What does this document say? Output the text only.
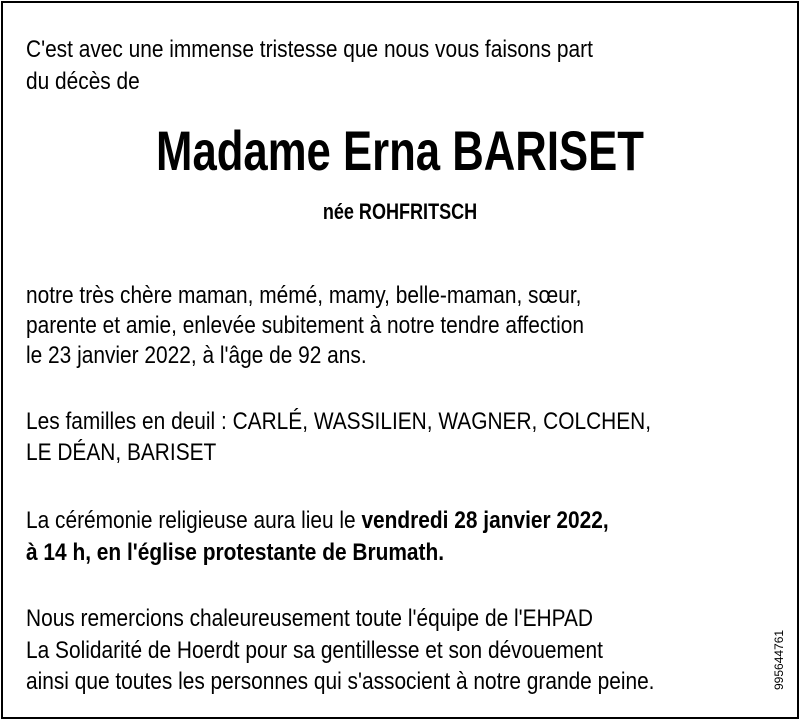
C'est avec une immense tristesse que nous vous faisons part

du décès de

Madame Erna BARISET

née ROHFRITSCH

notre très chère maman, mémé, mamy, belle-maman, sœur,

parente et amie, enlevée subitement à notre tendre affection

le 23 janvier 2022, à l'âge de 92 ans.

Les familles en deuil : CARLÉ, WASSILIEN, WAGNER, COLCHEN,

LE DÉAN, BARISET

La cérémonie religieuse aura lieu le vendredi 28 janvier 2022,

à 14 h, en l'église protestante de Brumath.

Nous remercions chaleureusement toute l'équipe de l'EHPAD

La Solidarité de Hoerdt pour sa gentillesse et son dévouement

ainsi que toutes les personnes qui s'associent à notre grande peine.	995644761
